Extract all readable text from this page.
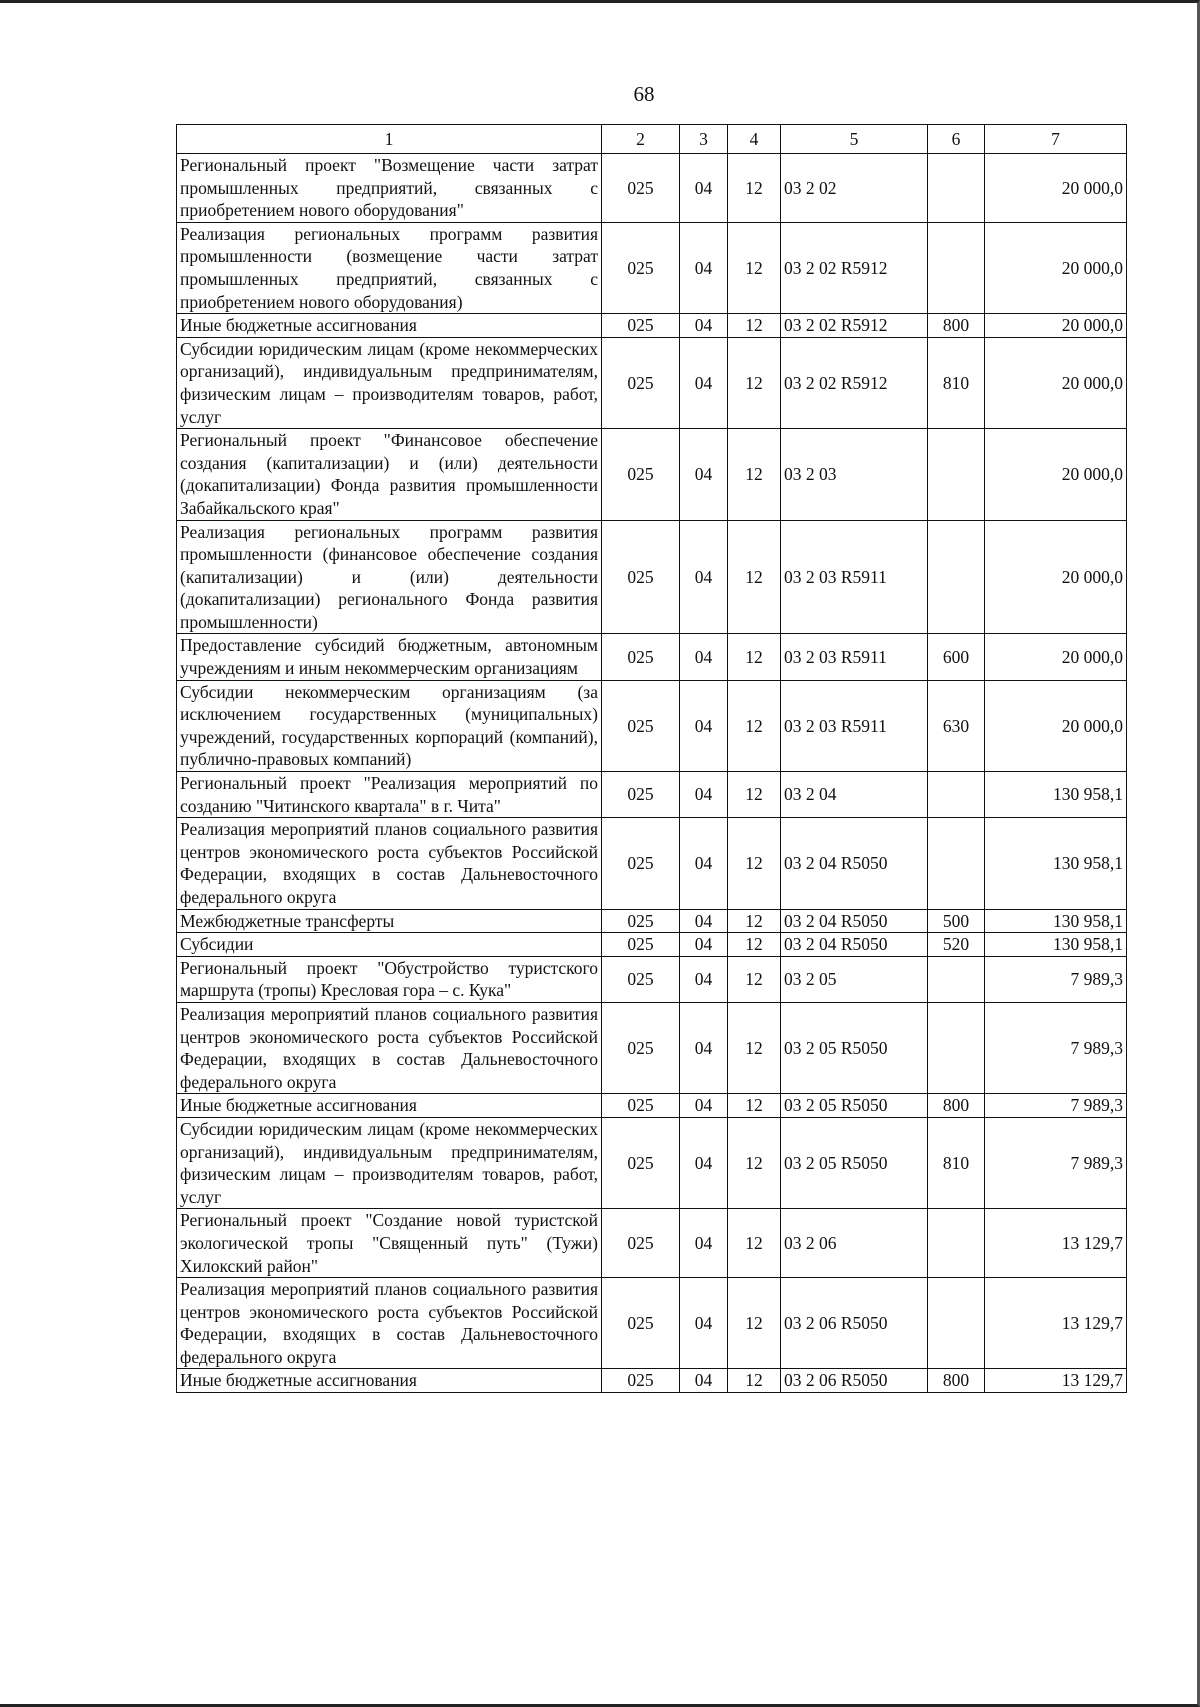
68
1	2	3	4	5	6	7
Региональный проект "Возмещение части затрат промышленных предприятий, связанных с приобретением нового оборудования"	025	04	12	03 2 02		20 000,0
Реализация региональных программ развития промышленности (возмещение части затрат промышленных предприятий, связанных с приобретением нового оборудования)	025	04	12	03 2 02 R5912		20 000,0
Иные бюджетные ассигнования	025	04	12	03 2 02 R5912	800	20 000,0
Субсидии юридическим лицам (кроме некоммерческих организаций), индивидуальным предпринимателям, физическим лицам – производителям товаров, работ, услуг	025	04	12	03 2 02 R5912	810	20 000,0
Региональный проект "Финансовое обеспечение создания (капитализации) и (или) деятельности (докапитализации) Фонда развития промышленности Забайкальского края"	025	04	12	03 2 03		20 000,0
Реализация региональных программ развития промышленности (финансовое обеспечение создания (капитализации) и (или) деятельности (докапитализации) регионального Фонда развития промышленности)	025	04	12	03 2 03 R5911		20 000,0
Предоставление субсидий бюджетным, автономным учреждениям и иным некоммерческим организациям	025	04	12	03 2 03 R5911	600	20 000,0
Субсидии некоммерческим организациям (за исключением государственных (муниципальных) учреждений, государственных корпораций (компаний), публично-правовых компаний)	025	04	12	03 2 03 R5911	630	20 000,0
Региональный проект "Реализация мероприятий по созданию "Читинского квартала" в г. Чита"	025	04	12	03 2 04		130 958,1
Реализация мероприятий планов социального развития центров экономического роста субъектов Российской Федерации, входящих в состав Дальневосточного федерального округа	025	04	12	03 2 04 R5050		130 958,1
Межбюджетные трансферты	025	04	12	03 2 04 R5050	500	130 958,1
Субсидии	025	04	12	03 2 04 R5050	520	130 958,1
Региональный проект "Обустройство туристского маршрута (тропы) Кресловая гора – с. Кука"	025	04	12	03 2 05		7 989,3
Реализация мероприятий планов социального развития центров экономического роста субъектов Российской Федерации, входящих в состав Дальневосточного федерального округа	025	04	12	03 2 05 R5050		7 989,3
Иные бюджетные ассигнования	025	04	12	03 2 05 R5050	800	7 989,3
Субсидии юридическим лицам (кроме некоммерческих организаций), индивидуальным предпринимателям, физическим лицам – производителям товаров, работ, услуг	025	04	12	03 2 05 R5050	810	7 989,3
Региональный проект "Создание новой туристской экологической тропы "Священный путь" (Тужи) Хилокский район"	025	04	12	03 2 06		13 129,7
Реализация мероприятий планов социального развития центров экономического роста субъектов Российской Федерации, входящих в состав Дальневосточного федерального округа	025	04	12	03 2 06 R5050		13 129,7
Иные бюджетные ассигнования	025	04	12	03 2 06 R5050	800	13 129,7
